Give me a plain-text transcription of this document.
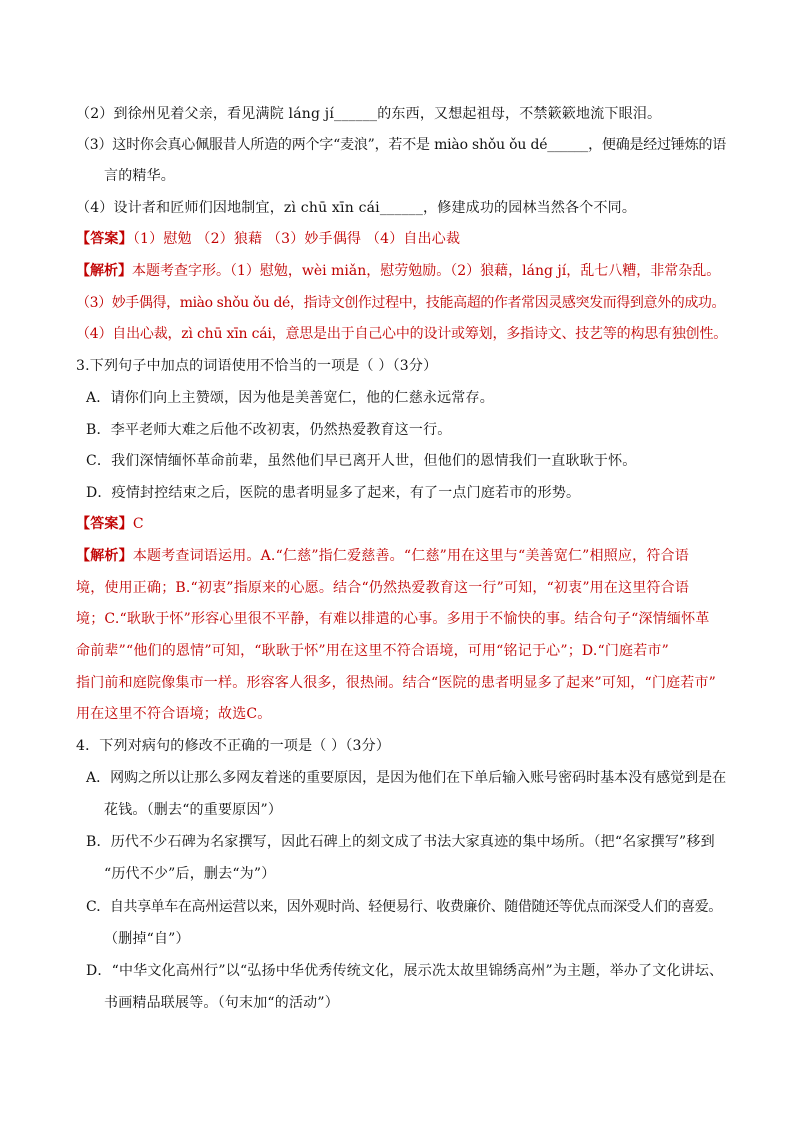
（2）到徐州见着父亲，看见满院 láng jí______的东西，又想起祖母，不禁簌簌地流下眼泪。
（3）这时你会真心佩服昔人所造的两个字“麦浪”，若不是 miào shǒu ǒu dé______，便确是经过锤炼的语
言的精华。
（4）设计者和匠师们因地制宜，zì chū xīn cái______，修建成功的园林当然各个不同。
【答案】（1）慰勉 （2）狼藉 （3）妙手偶得 （4）自出心裁
【解析】本题考查字形。（1）慰勉，wèi miǎn，慰劳勉励。（2）狼藉，láng jí，乱七八糟，非常杂乱。
（3）妙手偶得，miào shǒu ǒu dé，指诗文创作过程中，技能高超的作者常因灵感突发而得到意外的成功。
（4）自出心裁，zì chū xīn cái，意思是出于自己心中的设计或筹划，多指诗文、技艺等的构思有独创性。
3.下列句子中加点的词语使用不恰当的一项是（ ）（3分）
A．请你们向上主赞颂，因为他是美善宽仁，他的仁慈永远常存。
B．李平老师大难之后他不改初衷，仍然热爱教育这一行。
C．我们深情缅怀革命前辈，虽然他们早已离开人世，但他们的恩情我们一直耿耿于怀。
D．疫情封控结束之后，医院的患者明显多了起来，有了一点门庭若市的形势。
【答案】C
【解析】本题考查词语运用。A.“仁慈”指仁爱慈善。“仁慈”用在这里与“美善宽仁”相照应，符合语
境，使用正确；B.“初衷”指原来的心愿。结合“仍然热爱教育这一行”可知，“初衷”用在这里符合语
境；C.“耿耿于怀”形容心里很不平静，有难以排遣的心事。多用于不愉快的事。结合句子“深情缅怀革
命前辈”“他们的恩情”可知，“耿耿于怀”用在这里不符合语境，可用“铭记于心”；D.“门庭若市”
指门前和庭院像集市一样。形容客人很多，很热闹。结合“医院的患者明显多了起来”可知，“门庭若市”
用在这里不符合语境；故选C。
4．下列对病句的修改不正确的一项是（ ）（3分）
A．网购之所以让那么多网友着迷的重要原因，是因为他们在下单后输入账号密码时基本没有感觉到是在
花钱。（删去“的重要原因”）
B．历代不少石碑为名家撰写，因此石碑上的刻文成了书法大家真迹的集中场所。（把“名家撰写”移到
“历代不少”后，删去“为”）
C．自共享单车在高州运营以来，因外观时尚、轻便易行、收费廉价、随借随还等优点而深受人们的喜爱。
（删掉“自”）
D．“中华文化高州行”以“弘扬中华优秀传统文化，展示冼太故里锦绣高州”为主题，举办了文化讲坛、
书画精品联展等。（句末加“的活动”）
